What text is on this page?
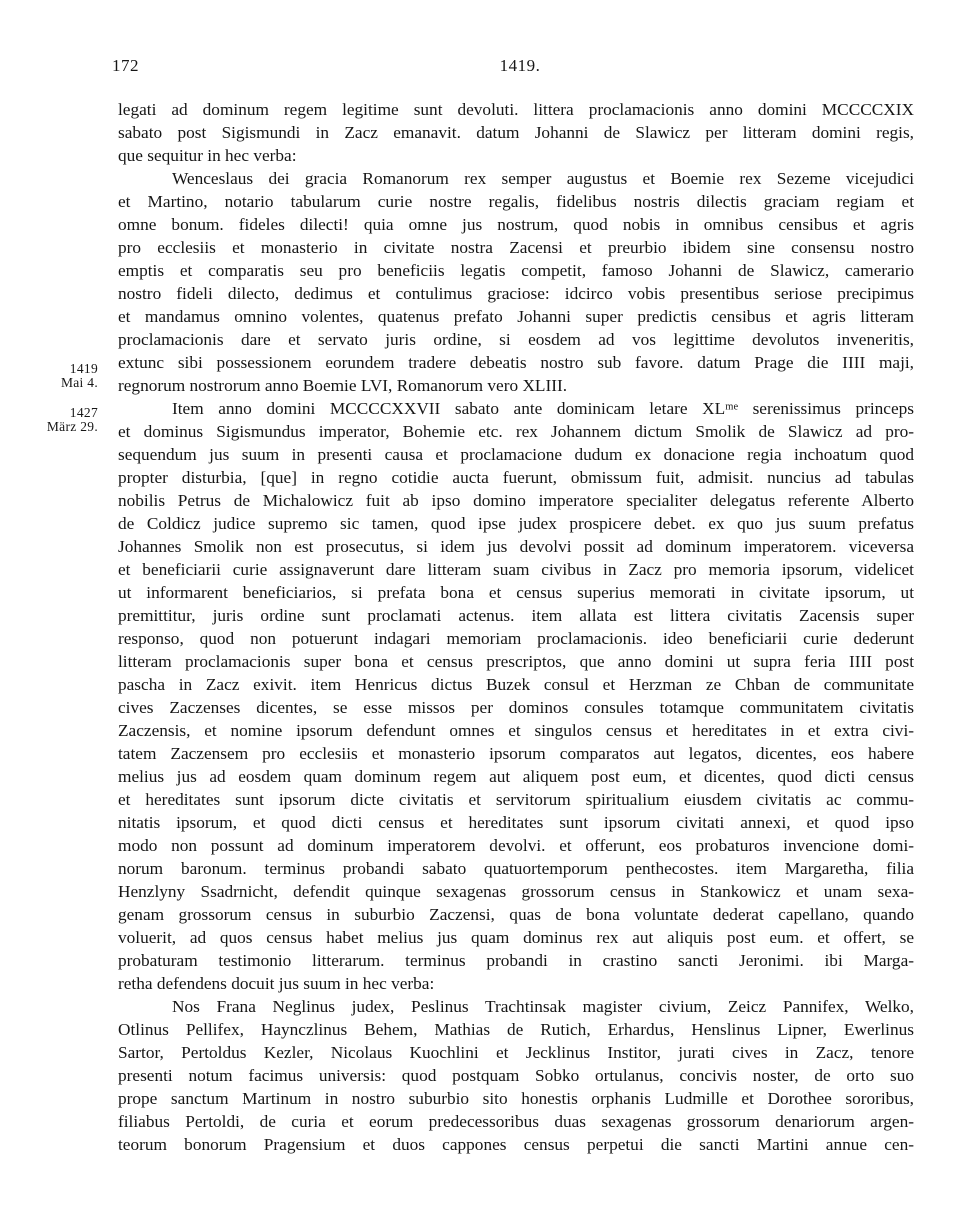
172	1419.
1419
Mai 4.
1427
März 29.
legati ad dominum regem legitime sunt devoluti. littera proclamacionis anno domini MCCCCXIX
sabato post Sigismundi in Zacz emanavit. datum Johanni de Slawicz per litteram domini regis,
que sequitur in hec verba:
Wenceslaus dei gracia Romanorum rex semper augustus et Boemie rex Sezeme vicejudici
et Martino, notario tabularum curie nostre regalis, fidelibus nostris dilectis graciam regiam et
omne bonum. fideles dilecti! quia omne jus nostrum, quod nobis in omnibus censibus et agris
pro ecclesiis et monasterio in civitate nostra Zacensi et preurbio ibidem sine consensu nostro
emptis et comparatis seu pro beneficiis legatis competit, famoso Johanni de Slawicz, camerario
nostro fideli dilecto, dedimus et contulimus graciose: idcirco vobis presentibus seriose precipimus
et mandamus omnino volentes, quatenus prefato Johanni super predictis censibus et agris litteram
proclamacionis dare et servato juris ordine, si eosdem ad vos legittime devolutos inveneritis,
extunc sibi possessionem eorundem tradere debeatis nostro sub favore. datum Prage die IIII maji,
regnorum nostrorum anno Boemie LVI, Romanorum vero XLIII.
Item anno domini MCCCCXXVII sabato ante dominicam letare XLᵐᵉ serenissimus princeps
et dominus Sigismundus imperator, Bohemie etc. rex Johannem dictum Smolik de Slawicz ad pro-
sequendum jus suum in presenti causa et proclamacione dudum ex donacione regia inchoatum quod
propter disturbia, [que] in regno cotidie aucta fuerunt, obmissum fuit, admisit. nuncius ad tabulas
nobilis Petrus de Michalowicz fuit ab ipso domino imperatore specialiter delegatus referente Alberto
de Coldicz judice supremo sic tamen, quod ipse judex prospicere debet. ex quo jus suum prefatus
Johannes Smolik non est prosecutus, si idem jus devolvi possit ad dominum imperatorem. viceversa
et beneficiarii curie assignaverunt dare litteram suam civibus in Zacz pro memoria ipsorum, videlicet
ut informarent beneficiarios, si prefata bona et census superius memorati in civitate ipsorum, ut
premittitur, juris ordine sunt proclamati actenus. item allata est littera civitatis Zacensis super
responso, quod non potuerunt indagari memoriam proclamacionis. ideo beneficiarii curie dederunt
litteram proclamacionis super bona et census prescriptos, que anno domini ut supra feria IIII post
pascha in Zacz exivit. item Henricus dictus Buzek consul et Herzman ze Chban de communitate
cives Zaczenses dicentes, se esse missos per dominos consules totamque communitatem civitatis
Zaczensis, et nomine ipsorum defendunt omnes et singulos census et hereditates in et extra civi-
tatem Zaczensem pro ecclesiis et monasterio ipsorum comparatos aut legatos, dicentes, eos habere
melius jus ad eosdem quam dominum regem aut aliquem post eum, et dicentes, quod dicti census
et hereditates sunt ipsorum dicte civitatis et servitorum spiritualium eiusdem civitatis ac commu-
nitatis ipsorum, et quod dicti census et hereditates sunt ipsorum civitati annexi, et quod ipso
modo non possunt ad dominum imperatorem devolvi. et offerunt, eos probaturos invencione domi-
norum baronum. terminus probandi sabato quatuortemporum penthecostes. item Margaretha, filia
Henzlyny Ssadrnicht, defendit quinque sexagenas grossorum census in Stankowicz et unam sexa-
genam grossorum census in suburbio Zaczensi, quas de bona voluntate dederat capellano, quando
voluerit, ad quos census habet melius jus quam dominus rex aut aliquis post eum. et offert, se
probaturam testimonio litterarum. terminus probandi in crastino sancti Jeronimi. ibi Marga-
retha defendens docuit jus suum in hec verba:
Nos Frana Neglinus judex, Peslinus Trachtinsak magister civium, Zeicz Pannifex, Welko,
Otlinus Pellifex, Haynczlinus Behem, Mathias de Rutich, Erhardus, Henslinus Lipner, Ewerlinus
Sartor, Pertoldus Kezler, Nicolaus Kuochlini et Jecklinus Institor, jurati cives in Zacz, tenore
presenti notum facimus universis: quod postquam Sobko ortulanus, concivis noster, de orto suo
prope sanctum Martinum in nostro suburbio sito honestis orphanis Ludmille et Dorothee sororibus,
filiabus Pertoldi, de curia et eorum predecessoribus duas sexagenas grossorum denariorum argen-
teorum bonorum Pragensium et duos cappones census perpetui die sancti Martini annue cen-
